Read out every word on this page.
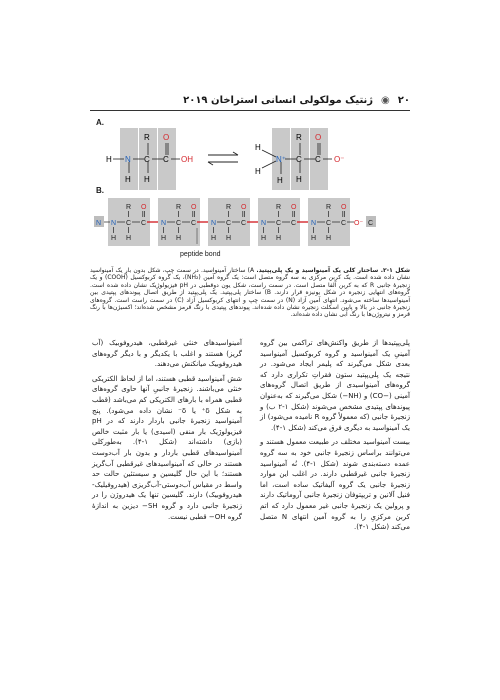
۲۰
◉
ژنتیک مولکولی انسانی استراخان ۲۰۱۹
A.
B.
H N
H
R
C
H
O
C OH
H
H
N⁺
H
R
C
H
O
C O⁻
N N
H
C
R
H
C
O
N
H
C
R
H
C
O
N
H
C
R
H
C
O
N
H
C
R
H
C
O
N
H
C
R
H
C
O
O⁻ C
peptide bond
شکل ۱-۲. ساختار کلی یک آمینواسید و یک پلی‌پپتید. A) ساختار آمینواسید. در سمت چپ، شکل بدون بارِ یک آمینواسید نشان داده شده است. یک کربن مرکزی به سه گروه متصل است: یک گروه آمین (NH₂)، یک گروه کربوکسیل (COOH) و یک زنجیرهٔ جانبی R که به کربن آلفا متصل است. در سمت راست، شکل یون دوقطبی در pH فیزیولوژیک نشان داده شده است. گروه‌های انتهایی زنجیره در شکل یونیزه قرار دارند. B) ساختار پلی‌پپتید. یک پلی‌پپتید از طریق اتصال پیوندهای پپتیدی بین آمینواسیدها ساخته می‌شود. انتهای آمین آزاد (N) در سمت چپ و انتهای کربوکسیل آزاد (C) در سمت راست است. گروه‌های زنجیرهٔ جانبی در بالا و پایین اسکلت زنجیره نشان داده شده‌اند. پیوندهای پپتیدی با رنگ قرمز مشخص شده‌اند؛ اکسیژن‌ها با رنگ قرمز و نیتروژن‌ها با رنگ آبی نشان داده شده‌اند.

پلی‌پپتیدها از طریق واکنش‌های تراکمی بین گروه آمینیِ یک آمینواسید و گروه کربوکسیل آمینواسید بعدی شکل می‌گیرند که پلیمر ایجاد می‌شود. در نتیجه یک پلی‌پپتید ستون فقراتِ تکراری دارد که گروه‌های آمینواسیدی از طریق اتصال گروه‌های آمینی (−CO) و (NH−) شکل می‌گیرند که به‌عنوان پیوندهای پپتیدی مشخص می‌شوند (شکل ۱-۲ ب) و زنجیرهٔ جانبی (که معمولاً گروه R نامیده می‌شود) از یک آمینواسید به دیگری فرق می‌کند (شکل ۱-۴).

بیست آمینواسید مختلف در طبیعت معمول هستند و می‌توانند براساس زنجیرهٔ جانبی خود به سه گروه عمده دسته‌بندی شوند (شکل ۱-۴). نُه آمینواسید زنجیرهٔ جانبی غیرقطبی دارند. در اغلب این موارد زنجیرهٔ جانبی یک گروه آلیفاتیک ساده است، اما فنیل آلانین و تریپتوفان زنجیرهٔ جانبی آروماتیک دارند و پرولین یک زنجیرهٔ جانبی غیر معمول دارد که اتم کربن مرکزیِ را به گروه آمین انتهای N متصل می‌کند (شکل ۱-۴).

آمینواسیدهای خنثی غیرقطبی، هیدروفوبیک (آب گریز) هستند و اغلب با یکدیگر و با دیگر گروه‌های هیدروفوبیک میانکنش می‌دهند.

شش آمینواسید قطبی هستند، اما از لحاظ الکتریکی خنثی می‌باشند. زنجیرهٔ جانبیِ آنها حاوی گروه‌های قطبی همراه با بارهای الکتریکی کم می‌باشد (قطب به شکل δ⁺ یا δ⁻ نشان داده می‌شود). پنج آمینواسید زنجیرهٔ جانبی باردار دارند که در pH فیزیولوژیک بار منفی (اسیدی) یا بار مثبت خالص (بازی) داشته‌اند (شکل ۱-۴). به‌طورکلی آمینواسیدهای قطبی باردار و بدون بار آب‌دوست هستند در حالی که آمینواسیدهای غیرقطبی آب‌گریز هستند؛ با این حال گلیسین و سیستئین حالت حد واسط در مقیاس آب‌دوستی-آب‌گریزی (هیدروفیلیک-هیدروفوبیک) دارند. گلیسین تنها یک هیدروژن را در زنجیرهٔ جانبی دارد و گروه SH− دیزین به اندازهٔ گروه OH− قطبی نیست.
